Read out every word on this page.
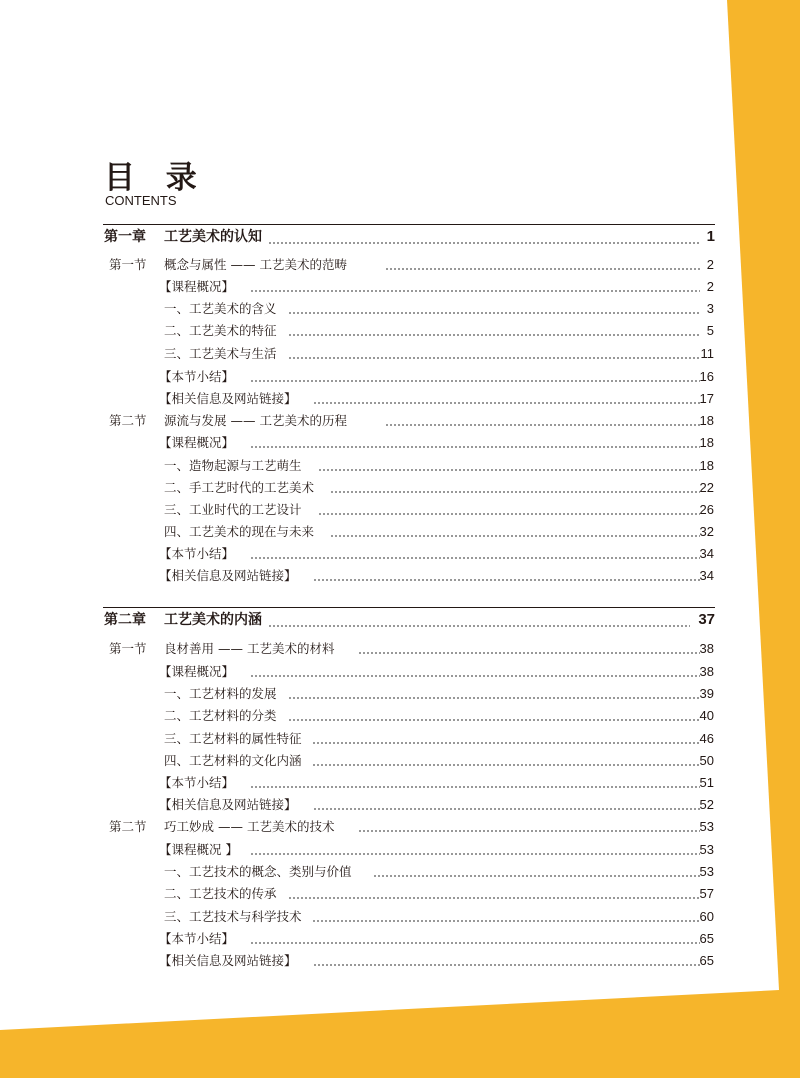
目 录
CONTENTS
第一章 工艺美术的认知	1
第一节 概念与属性 —— 工艺美术的范畴	2
【课程概况】	2
一、工艺美术的含义	3
二、工艺美术的特征	5
三、工艺美术与生活	11
【本节小结】	16
【相关信息及网站链接】	17
第二节 源流与发展 —— 工艺美术的历程	18
【课程概况】	18
一、造物起源与工艺萌生	18
二、手工艺时代的工艺美术	22
三、工业时代的工艺设计	26
四、工艺美术的现在与未来	32
【本节小结】	34
【相关信息及网站链接】	34
第二章 工艺美术的内涵	37
第一节 良材善用 —— 工艺美术的材料	38
【课程概况】	38
一、工艺材料的发展	39
二、工艺材料的分类	40
三、工艺材料的属性特征	46
四、工艺材料的文化内涵	50
【本节小结】	51
【相关信息及网站链接】	52
第二节 巧工妙成 —— 工艺美术的技术	53
【课程概况 】	53
一、工艺技术的概念、类别与价值	53
二、工艺技术的传承	57
三、工艺技术与科学技术	60
【本节小结】	65
【相关信息及网站链接】	65
